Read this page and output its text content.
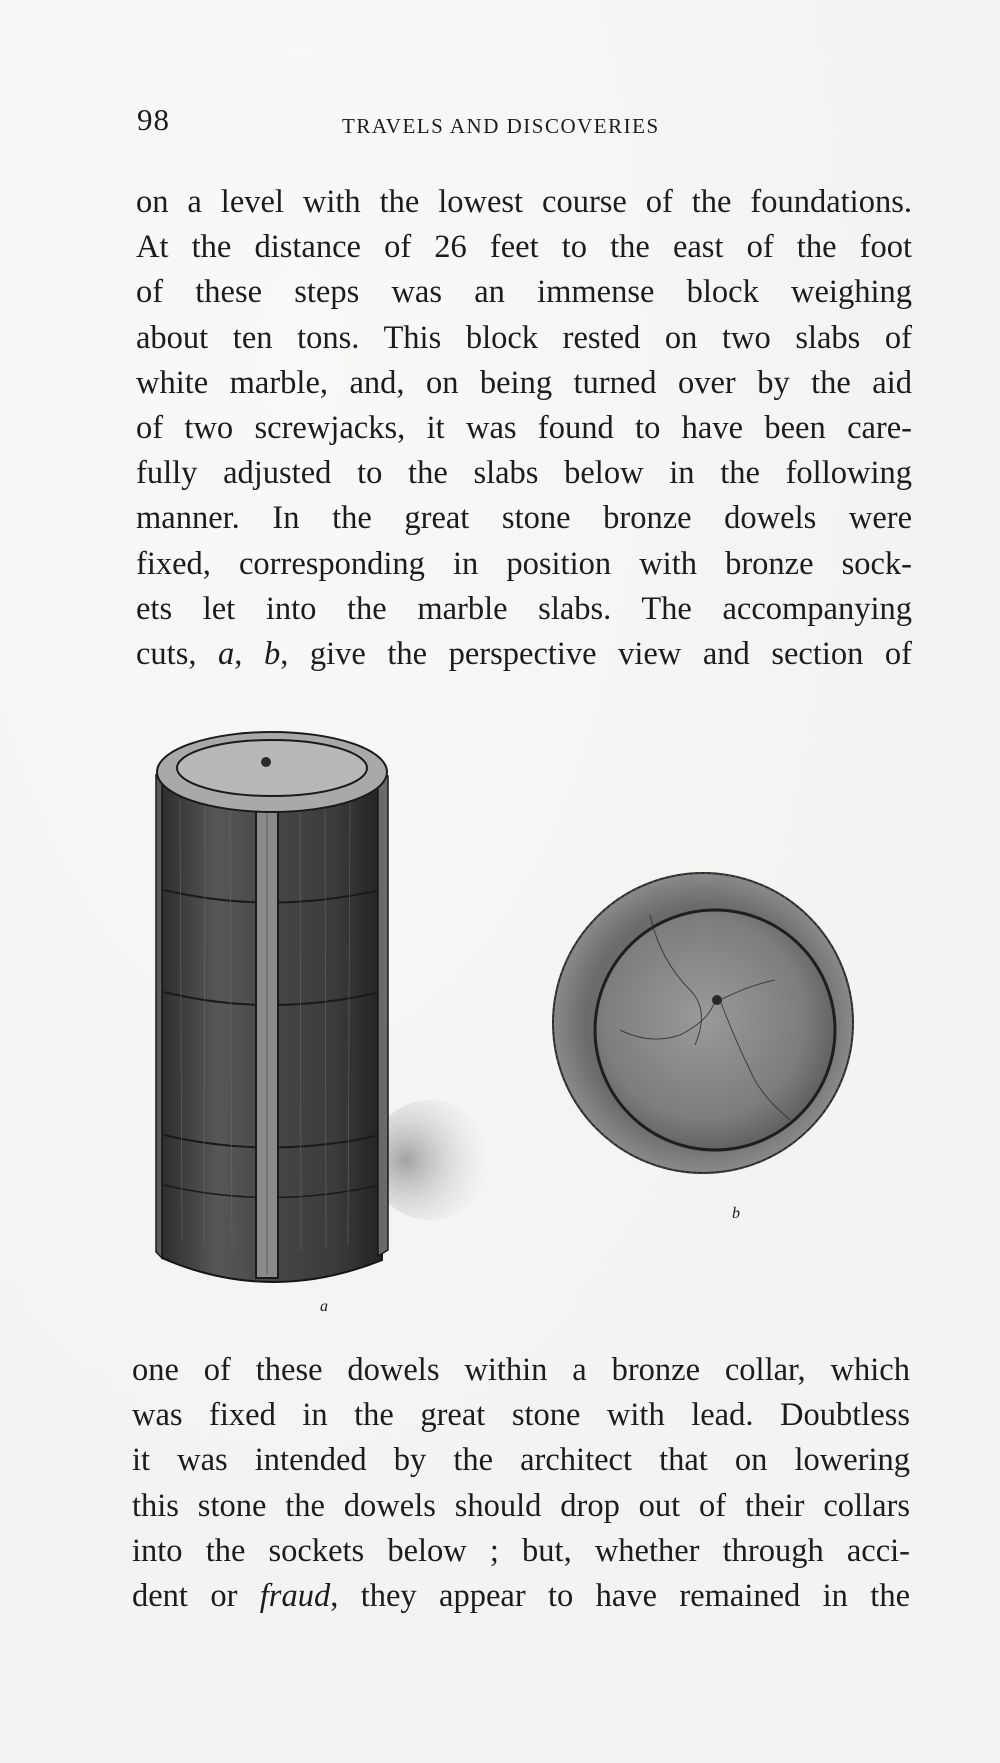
98	TRAVELS AND DISCOVERIES
on a level with the lowest course of the foundations.
At the distance of 26 feet to the east of the foot
of these steps was an immense block weighing
about ten tons. This block rested on two slabs of
white marble, and, on being turned over by the aid
of two screwjacks, it was found to have been care-
fully adjusted to the slabs below in the following
manner. In the great stone bronze dowels were
fixed, corresponding in position with bronze sock-
ets let into the marble slabs. The accompanying
cuts, a, b, give the perspective view and section of
a
b
one of these dowels within a bronze collar, which
was fixed in the great stone with lead. Doubtless
it was intended by the architect that on lowering
this stone the dowels should drop out of their collars
into the sockets below ; but, whether through acci-
dent or fraud, they appear to have remained in the
